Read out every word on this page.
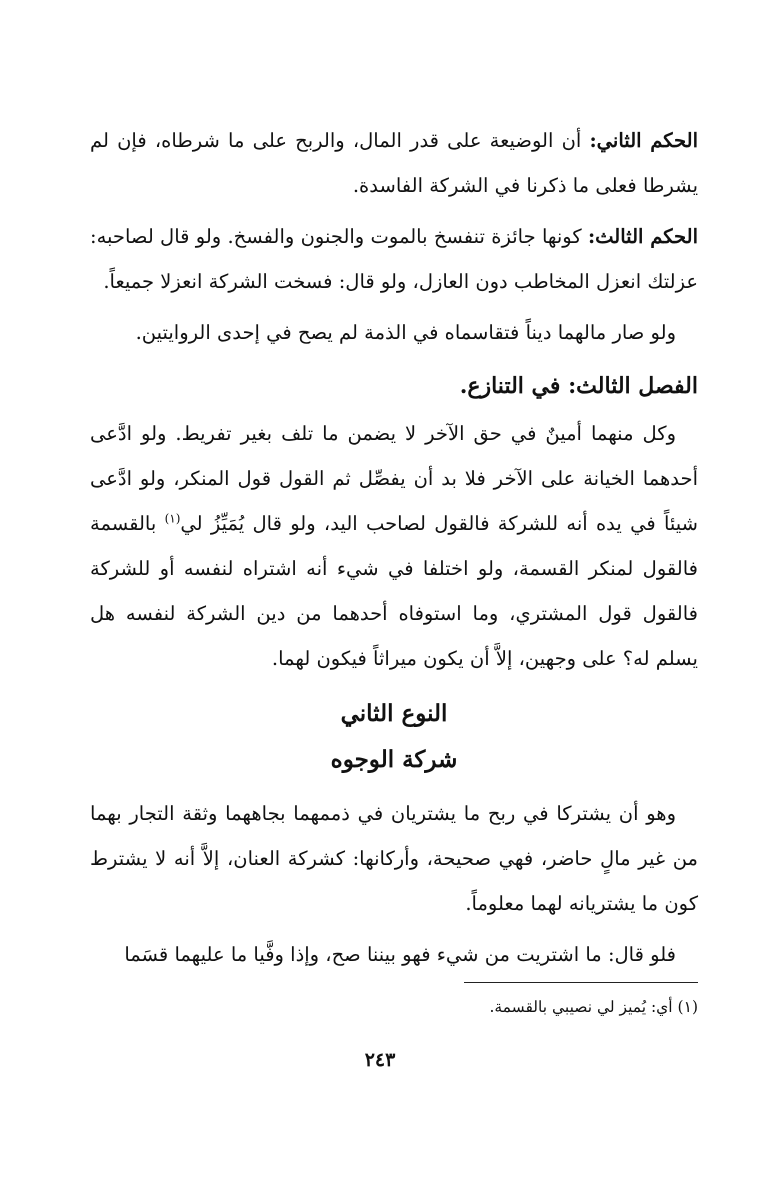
الحكم الثاني: أن الوضيعة على قدر المال، والربح على ما شرطاه، فإن لم يشرطا فعلى ما ذكرنا في الشركة الفاسدة.

الحكم الثالث: كونها جائزة تنفسخ بالموت والجنون والفسخ. ولو قال لصاحبه: عزلتك انعزل المخاطب دون العازل، ولو قال: فسخت الشركة انعزلا جميعاً.

ولو صار مالهما ديناً فتقاسماه في الذمة لم يصح في إحدى الروايتين.

الفصل الثالث: في التنازع.

وكل منهما أمينٌ في حق الآخر لا يضمن ما تلف بغير تفريط. ولو ادَّعى أحدهما الخيانة على الآخر فلا بد أن يفصِّل ثم القول قول المنكر، ولو ادَّعى شيئاً في يده أنه للشركة فالقول لصاحب اليد، ولو قال يُمَيِّزُ لي$^{(١)}$ بالقسمة فالقول لمنكر القسمة، ولو اختلفا في شيء أنه اشتراه لنفسه أو للشركة فالقول قول المشتري، وما استوفاه أحدهما من دين الشركة لنفسه هل يسلم له؟ على وجهين، إلاَّ أن يكون ميراثاً فيكون لهما.

النوع الثاني
شركة الوجوه

وهو أن يشتركا في ربح ما يشتريان في ذممهما بجاههما وثقة التجار بهما من غير مالٍ حاضر، فهي صحيحة، وأركانها: كشركة العنان، إلاَّ أنه لا يشترط كون ما يشتريانه لهما معلوماً.

فلو قال: ما اشتريت من شيء فهو بيننا صح، وإذا وفَّيا ما عليهما قسَما

(١) أي: يُميز لي نصيبي بالقسمة.
٢٤٣
